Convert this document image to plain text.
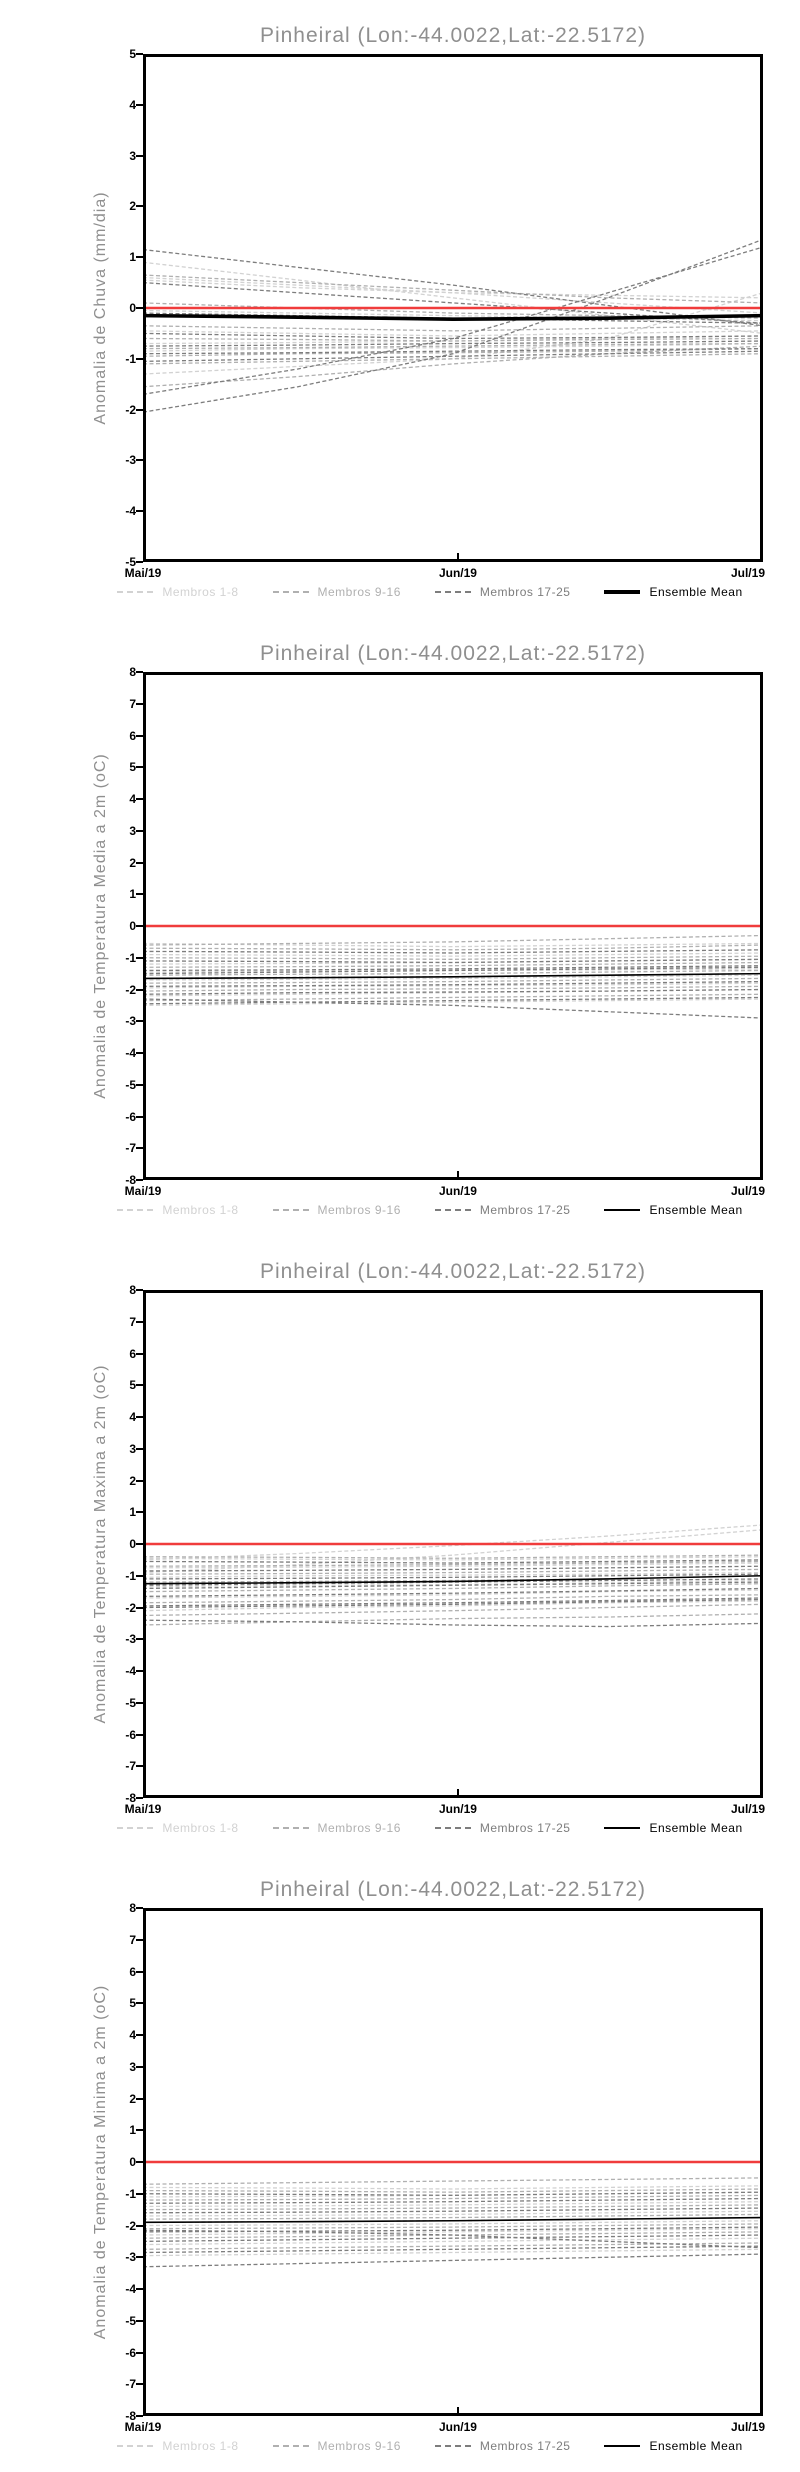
Pinheiral (Lon:-44.0022,Lat:-22.5172)
Anomalia de Chuva (mm/dia)
5
4
3
2
1
0
-1
-2
-3
-4
-5
Mai/19	Jun/19	Jul/19
Membros 1-8	Membros 9-16	Membros 17-25	Ensemble Mean
Pinheiral (Lon:-44.0022,Lat:-22.5172)
Anomalia de Temperatura Media a 2m (oC)
8
7
6
5
4
3
2
1
0
-1
-2
-3
-4
-5
-6
-7
-8
Mai/19	Jun/19	Jul/19
Membros 1-8	Membros 9-16	Membros 17-25	Ensemble Mean
Pinheiral (Lon:-44.0022,Lat:-22.5172)
Anomalia de Temperatura Maxima a 2m (oC)
8
7
6
5
4
3
2
1
0
-1
-2
-3
-4
-5
-6
-7
-8
Mai/19	Jun/19	Jul/19
Membros 1-8	Membros 9-16	Membros 17-25	Ensemble Mean
Pinheiral (Lon:-44.0022,Lat:-22.5172)
Anomalia de Temperatura Minima a 2m (oC)
8
7
6
5
4
3
2
1
0
-1
-2
-3
-4
-5
-6
-7
-8
Mai/19	Jun/19	Jul/19
Membros 1-8	Membros 9-16	Membros 17-25	Ensemble Mean
